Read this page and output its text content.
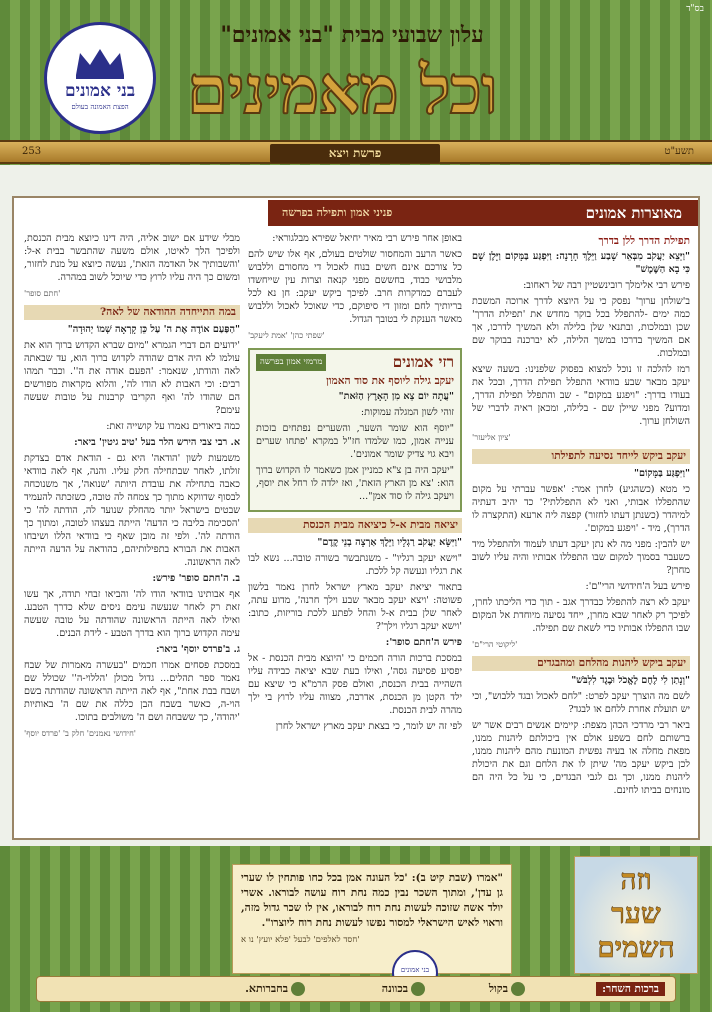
בס"ד
עלון שבועי מבית "בני אמונים"
וכל מאמינים
בני אמונים
הפצת האמונה בעולם
תשע"ט
פרשת ויצא
253
מאוצרות אמונים
פניני אמון ותפילה בפרשה
תפילת הדרך ללן בדרך
"וַיֵּצֵא יַעֲקֹב מִבְּאֵר שָׁבַע וַיֵּלֶךְ חָרָנָה: וַיִּפְגַּע בַּמָּקוֹם וַיָּלֶן שָׁם כִּי בָא הַשֶּׁמֶשׁ"
פירש רבי אלימלך רובינשטיין רבה של ראחוב:
ב'שולחן ערוך' נפסק כי על היוצא לדרך ארוכה המשכת כמה ימים -להתפלל בכל בוקר מחדש את 'תפילת הדרך' שכן ובמלכות, ובתנאי שלן בלילה ולא המשיך לדרכו, אך אם המשיך בדרכו במשך הלילה, לא יברכנה בבוקר שם ובמלכות.
רמז להלכה זו נוכל למצוא בפסוק שלפנינו: בשעה שיצא יעקב מבאר שבע בוודאי התפלל תפילת הדרך, ובכל את בעודו בדרך: "ויפגע במקום" - שב והתפלל תפילת הדרך, ומדוע? מפני שיילן שם - בלילה, ומכאן ראיה לדברי של השולחן ערוך.
'ציון אליעזר'
יעקב ביקש לייחד נסיעה לתפילתו
"וַיִּפְגַּע בַּמָּקוֹם"
כי מטא (כשהגיע) לחרן אמר: 'אפשר עברתי על מקום שהתפללו אבותי, ואני לא התפללתי?' כד יהיב דעתיה למיהדר (כשנתן דעתו לחזור) קפצה ליה ארעא (התקצרה לו הדרך), מיד - 'ויפגע במקום'.
יש להבין: מפני מה לא נתן יעקב דעתו לעמוד ולהתפלל מיד כשעבר בסמוך למקום שבו התפללו אבותיו והיה עליו לשוב מחרן?
פירש בעל ה'חידושי הרי"ם':
יעקב לא רצה להתפלל כבדרך אגב - תוך כדי הליכתו לחרן, לפיכך רק לאחר שבא מחרן, ייחד נסיעה מיוחדת אל המקום שבו התפללו אבותיו כדי לשאת שם תפילה.
'ליקוטי הרי"ם'
יעקב ביקש ליהנות מהלחם ומהבגדים
"וְנָתַן לִי לֶחֶם לֶאֱכֹל וּבֶגֶד לִלְבֹּשׁ"
לשם מה הוצרך יעקב לפרט: "לחם לאכול ובגד ללבוש", וכי יש תועלת אחרת ללחם או לבגד?
ביאר רבי מרדכי הכהן מצפת: קיימים אנשים רבים אשר יש ברשותם לחם בשפע אולם אין ביכולתם ליהנות ממנו, מפאת מחלה או בעיה נפשית המונעת מהם ליהנות ממנו, לכן ביקש יעקב מה' שיתן לו את הלחם וגם את היכולת ליהנות ממנו, וכך גם לגבי הבגדים, כי על כל היה הם מונחים בביתו לחינם.
באופן אחר פירש רבי מאיר יחיאל שפירא מבלגוראי:
כאשר הרעב והמחסור שולטים בעולם, אף אלו שיש להם כל צורכם אינם חשים בנוח לאכול די מחסורם וללבוש מלבושי כבוד, בחששם מפני קנאה וצרות עין שייחשדו לעברם כמדקרות חרב. לפיכך ביקש יעקב: חן נא לכל בריותיך לחם ומזון די סיפוקם, כדי שאוכל לאכול וללבוש מאשר הענקת לי בטובך הגדול.
'שפתי כהן' 'אמת ליעקב'
רזי אמונים
מרמזי אמון בפרשה
יעקב גילה ליוסף את סוד האמון
"עֲתָה יוֹם צֵא מִן הָאָרֶץ הַזֹּאת"
זוהי לשון המגלה עמוקות:
"יוסף הוא שומר השער, והשערים נפתחים בזכות ענייה אמון, כמו שלמדו חז"ל במקרא 'פתחו שערים ויבא גוי צדיק שומר אמונים'.
"יעקב היה בן צ"א כמניין אמן כשאמר לו הקדוש ברוך הוא: 'צא מן הארץ הזאת', ואז ילדה לו רחל את יוסף, ויעקב גילה לו סוד אמן"...
יציאה מבית א-ל כיציאה מבית הכנסת
"וַיִּשָּׂא יַעֲקֹב רַגְלָיו וַיֵּלֶךְ אַרְצָה בְנֵי קֶדֶם"
"וישא יעקב רגליו" - משנתבשר בשורה טובה... נשא לבו את רגליו ונעשה קל ללכת.
בתאור יציאת יעקב מארץ ישראל לחרן נאמר בלשון פשוטה: 'ויצא יעקב מבאר שבע וילך חרנה', מדוע עתה, לאחר שלן בבית א-ל והחל לפתע ללכת בוריזות, כתוב: 'וישא יעקב רגליו וילך'?
פירש ה'חתם סופר':
במסכת ברכות הורה חכמים כי 'היוצא מבית הכנסת - אל יפסיע פסיעה גסה', ואילו בעת שבא יציאה כבידה עליו השהייה בבית הכנסת, ואולם פסק הרמ"א כי שיצא עם ילד הקטן מן הכנסת, אדרבה, מצווה עליו לרוץ בי ילך מהרה לבית הכנסת.
לפי זה יש לומר, כי בצאת יעקב מארץ ישראל לחרן
מבלי שידע אם ישוב אליה, היה דינו כיוצא מבית הכנסת, ולפיכך הלך לאיטו, אולם משעה שהתבשר בבית א-ל: 'והשבותיך אל האדמה הזאת', נעשה כיוצא על מנת לחזור, ומשום כך היה עליו לרוץ כדי שיוכל לשוב במהרה.
'חתם סופר'
במה התייחדה ההודאה של לאה?
"הַפַּעַם אוֹדֶה אֶת ה' עַל כֵּן קָרְאָה שְׁמוֹ יְהוּדָה"
'ידועים הם דברי הגמרא "מיום שברא הקדוש ברוך הוא את עולמו לא היה אדם שהודה לקדוש ברוך הוא, עד שבאתה לאה והודתו, שנאמר: 'הפעם אודה את ה''. וכבר תמהו רבים: וכי האבות לא הודו לה', והלוא מקראות מפורשים הם שהודו לה' ואף הקריבו קרבנות על טובות שעשה עימם?
כמה ביאורים נאמרו על קושייה זאת:
א. רבי צבי הירש הלר בעל 'טיב גיטין' ביאר:
משמעות לשון 'הודאה' היא גם - הודאת אדם בצדקת זולתו, לאחר שבתחילה חלק עליו. והנה, אף לאה בוודאי כאבה בתחילה את עובדת היותה 'שנואה', אך משנוכחה לבסוף שדווקא מתוך כך צמחה לה טובה, כשזכתה להעמיד שבטים בישראל יותר מהחלק שנועד לה, הודתה לה' כי 'הסכימה בליבה כי הדעה' הייתה בעצהו לטובה, ומתוך כך הודתה לה'. ולפי זה מובן שאף כי בוודאי הללו ושיבחו האבות את הבורא בתפילותיהם, בהודאה על הדעה הייתה לאה הראשונה.
ב. ה'חתם סופר' פירש:
אף אבותינו בוודאי הודו לה' והביאו זבחי תודה, אך עשו זאת רק לאחר שנעשה עימם ניסים שלא כדרך הטבע. ואילו לאה הייתה הראשונה שהודתה על טובה שעשה עימה הקדוש ברוך הוא בדרך הטבע - לידת הבנים.
ג. ב'פרדס יוסף' ביאר:
במסכת פסחים אמרו חכמים "בעשרה מאמרות של שבח נאמר ספר תהלים... גדול מכולן 'הללוי-ה'' שכולל שם ושבח בבת אחת", אף לאה הייתה הראשונה שהודתה בשם הוי-ה, כאשר בשבח הבן כללה את שם ה' באותיות 'יהודה', כך ששבחה ושם ה' משולבים בתוכו.
'חידושי נאמנים' חלק ב' 'פרדס יוסף'
"אמרו (שבת קיט ב): 'כל העונה אמן בכל כחו פותחין לו שערי גן עדן', ומתוך השכר נבין כמה נחת רוח עושה לבוראו. אשרי יולד אשה שזוכה לעשות נחת רוח לבוראו, אין לו שכר גדול מזה, וראוי לאיש הישראלי למסור נפשו לעשות נחת רוח ליוצרו".
'חסד לאלפים' לבעל 'פלא יועץ' נו א
וזה
שער
השמים
בני אמונים
ברכות השחר:
בקול
בכוונה
בחברותא.
